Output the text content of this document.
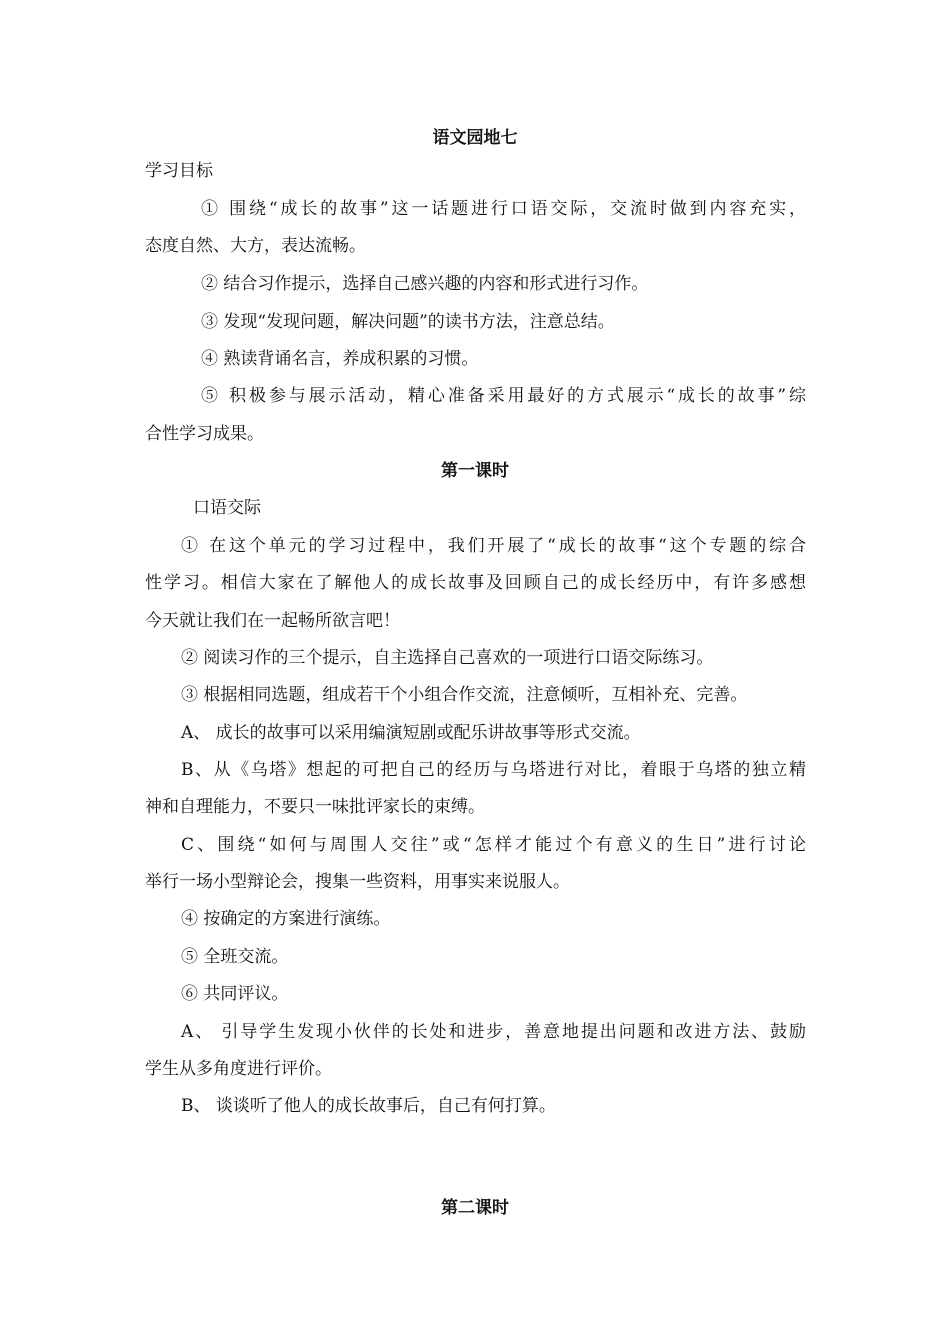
语文园地七
学习目标
① 围绕“成长的故事”这一话题进行口语交际，交流时做到内容充实，
态度自然、大方，表达流畅。
② 结合习作提示，选择自己感兴趣的内容和形式进行习作。
③ 发现“发现问题，解决问题”的读书方法，注意总结。
④ 熟读背诵名言，养成积累的习惯。
⑤ 积极参与展示活动，精心准备采用最好的方式展示“成长的故事”综
合性学习成果。
第一课时
口语交际
① 在这个单元的学习过程中，我们开展了“成长的故事“这个专题的综合
性学习。相信大家在了解他人的成长故事及回顾自己的成长经历中，有许多感想
今天就让我们在一起畅所欲言吧！
② 阅读习作的三个提示，自主选择自己喜欢的一项进行口语交际练习。
③ 根据相同选题，组成若干个小组合作交流，注意倾听，互相补充、完善。
A、 成长的故事可以采用编演短剧或配乐讲故事等形式交流。
B、从《乌塔》想起的可把自己的经历与乌塔进行对比，着眼于乌塔的独立精
神和自理能力，不要只一味批评家长的束缚。
C、围绕“如何与周围人交往”或“怎样才能过个有意义的生日”进行讨论
举行一场小型辩论会，搜集一些资料，用事实来说服人。
④ 按确定的方案进行演练。
⑤ 全班交流。
⑥ 共同评议。
A、 引导学生发现小伙伴的长处和进步，善意地提出问题和改进方法、鼓励
学生从多角度进行评价。
B、 谈谈听了他人的成长故事后，自己有何打算。
第二课时
